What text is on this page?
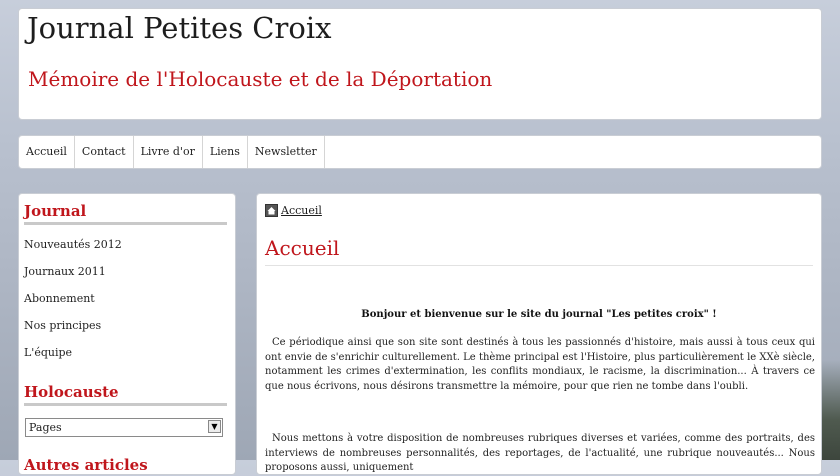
Journal Petites Croix
Mémoire de l'Holocauste et de la Déportation
Accueil	Contact	Livre d'or	Liens	Newsletter
Journal
Nouveautés 2012
Journaux 2011
Abonnement
Nos principes
L'équipe
Holocauste
Pages	▼
Autres articles
Accueil
Accueil
Bonjour et bienvenue sur le site du journal "Les petites croix" !
Ce périodique ainsi que son site sont destinés à tous les passionnés d'histoire, mais aussi à tous ceux qui ont envie de s'enrichir culturellement. Le thème principal est l'Histoire, plus particulièrement le XXè siècle, notamment les crimes d'extermination, les conflits mondiaux, le racisme, la discrimination... À travers ce que nous écrivons, nous désirons transmettre la mémoire, pour que rien ne tombe dans l'oubli.
Nous mettons à votre disposition de nombreuses rubriques diverses et variées, comme des portraits, des interviews de nombreuses personnalités, des reportages, de l'actualité, une rubrique nouveautés... Nous proposons aussi, uniquement
